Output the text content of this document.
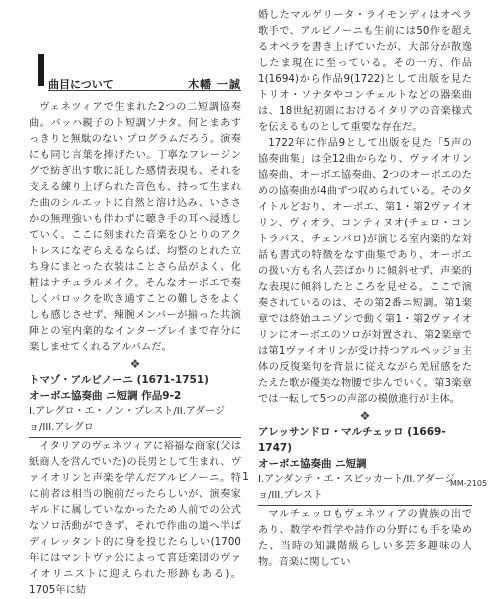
曲目について	木幡 一誠

ヴェネツィアで生まれた2つの二短調協奏曲。バッハ親子のト短調ソナタ。何とまあすっきりと無駄のない プログラムだろう。演奏にも同じ言葉を捧げたい。丁寧なフレージングで紡ぎ出す歌に託した感情表現も、それを支える練り上げられた音色も、持って生まれた曲のシルエットに自然と溶け込み、いささかの無理強いも伴わずに聴き手の耳へ浸透していく。ここに刻まれた音楽をひとりのアクトレスになぞらえるならば、均整のとれた立ち身にまとった衣装はことさら品がよく、化粧はナチュラルメイク。そんなオーボエで奏しくバロックを吹き通すことの難しさをよくしも感じさせず、辣腕メンバーが揃った共演陣との室内楽的なインタープレイまで存分に楽しませてくれるアルバムだ。

❖

トマゾ・アルビノーニ (1671-1751)

オーボエ協奏曲 ニ短調 作品9-2

I.アレグロ・エ・ノン・プレスト/II.アダージョ/III.アレグロ

イタリアのヴェネツィアに裕福な商家(父は紙商人を営んでいた)の長男として生まれ、ヴァイオリンと声楽を学んだアルビノーニ。特に前者は相当の腕前だったらしいが、演奏家ギルドに属していなかったため人前での公式なソロ活動ができず、それで作曲の道へ半ばディレッタント的に身を投じたらしい(1700年にはマントヴァ公によって宮廷楽団のヴァイオリニストに迎えられた形跡もある)。1705年に結

婚したマルゲリータ・ライモンディはオペラ歌手で、アルビノーニも生前には50作を超えるオペラを書き上げていたが、大部分が散逸したま現在に至っている。その一方、作品1(1694)から作品9(1722)として出版を見たトリオ・ソナタやコンチェルトなどの器楽曲は、18世紀初頭におけるイタリアの音楽様式を伝えるものとして重要な存在だ。

1722年に作品9として出版を見た「5声の協奏曲集」は全12曲からなり、ヴァイオリン協奏曲、オーボエ協奏曲、2つのオーボエのための協奏曲が4曲ずつ収められている。そのタイトルどおり、オーボエ、第1・第2ヴァイオリン、ヴィオラ、コンティヌオ(チェロ・コントラバス、チェンバロ)が演じる室内楽的な対話も書式の特徴をなす曲集であり、オーボエの扱い方も名人芸ばかりに傾斜せず、声楽的な表現に傾斜したところを見せる。ここで演奏されているのは、その第2番ニ短調。第1楽章では終始ユニゾンで動く第1・第2ヴァイオリンにオーボエのソロが対置され、第2楽章では第1ヴァイオリンが受け持つアルペッジョ主体の反復楽句を背景に従えながら羌屈感をたたえた歌が優美な物腰で歩んでいく。第3楽章では一転して5つの声部の模倣進行が主体。

❖

アレッサンドロ・マルチェッロ (1669-1747)

オーボエ協奏曲 ニ短調

I.アンダンテ・エ・スピッカート/II.アダージョ/III.プレスト

マルチェッロもヴェネツィアの貴族の出であり、数学や哲学や詩作の分野にも手を染めた、当時の知識階級らしい多芸多趣味の人物。音楽に関してい

1
MM-2105
